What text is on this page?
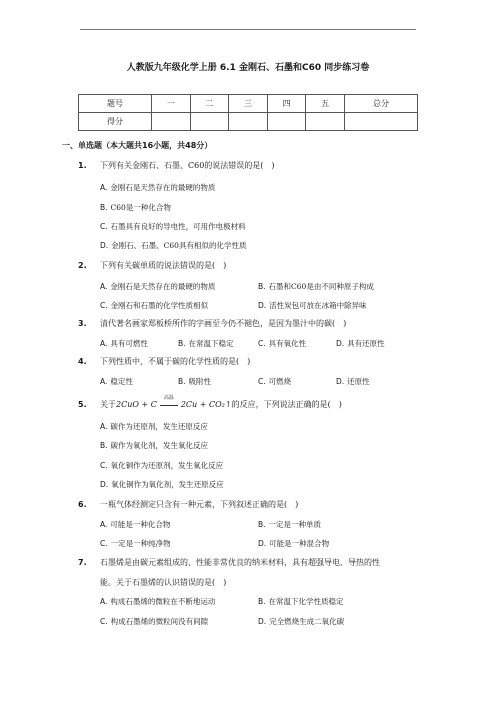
人教版九年级化学上册 6.1 金刚石、石墨和C60 同步练习卷
题号	一	二	三	四	五	总分
得分						
一、单选题（本大题共16小题，共48分）
1. 下列有关金刚石、石墨、C60的说法错误的是(　)
A. 金刚石是天然存在的最硬的物质
B. C60是一种化合物
C. 石墨具有良好的导电性，可用作电极材料
D. 金刚石、石墨、C60具有相似的化学性质
2. 下列有关碳单质的说法错误的是(　)
A. 金刚石是天然存在的最硬的物质	B. 石墨和C60是由不同种原子构成
C. 金刚石和石墨的化学性质相似	D. 活性炭包可放在冰箱中除异味
3. 清代著名画家郑板桥所作的字画至今仍不褪色，是因为墨汁中的碳(　)
A. 具有可燃性	B. 在常温下稳定	C. 具有氧化性	D. 具有还原性
4. 下列性质中，不属于碳的化学性质的是(　)
A. 稳定性	B. 吸附性	C. 可燃烧	D. 还原性
5. 关于2CuO + C
高温
2Cu + CO₂↑的反应，下列说法正确的是(　)
A. 碳作为还原剂，发生还原反应
B. 碳作为氧化剂，发生氧化反应
C. 氧化铜作为还原剂，发生氧化反应
D. 氧化铜作为氧化剂，发生还原反应
6. 一瓶气体经测定只含有一种元素，下列叙述正确的是(　)
A. 可能是一种化合物	B. 一定是一种单质
C. 一定是一种纯净物	D. 可能是一种混合物
7. 石墨烯是由碳元素组成的、性能非常优良的纳米材料，具有超强导电、导热的性
能。关于石墨烯的认识错误的是(　)
A. 构成石墨烯的微粒在不断地运动	B. 在常温下化学性质稳定
C. 构成石墨烯的微粒间没有间隙	D. 完全燃烧生成二氧化碳
